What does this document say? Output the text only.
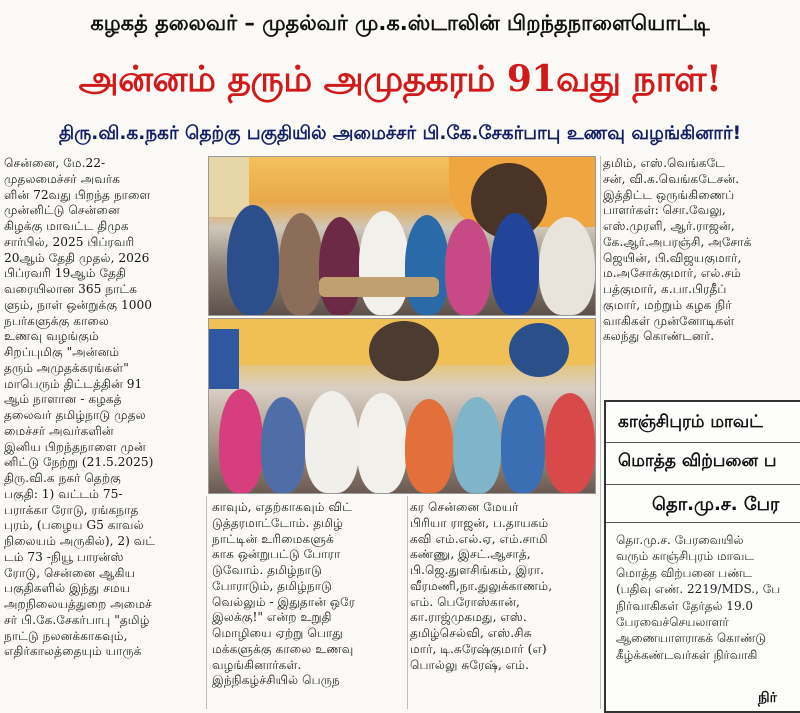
கழகத் தலைவர் – முதல்வர் மு.க.ஸ்டாலின் பிறந்தநாளையொட்டி
அன்னம் தரும் அமுதகரம் 91வது நாள்!
திரு.வி.க.நகர் தெற்கு பகுதியில் அமைச்சர் பி.கே.சேகர்பாபு உணவு வழங்கினார்!
சென்னை, மே.22-
முதலமைச்சர் அவர்க
ளின் 72வது பிறந்த நாளை
முன்னிட்டு சென்னை
கிழக்கு மாவட்ட திமுக
சார்பில், 2025 பிப்ரவரி
20ஆம் தேதி முதல், 2026
பிப்ரவரி 19ஆம் தேதி
வரையிலான 365 நாட்க
ளும், நாள் ஒன்றுக்கு 1000
நபர்களுக்கு காலை
உணவு வழங்கும்
சிறப்புமிகு "அன்னம்
தரும் அமுதக்கரங்கள்"
மாபெரும் திட்டத்தின் 91
ஆம் நாளான - கழகத்
தலைவர் தமிழ்நாடு முதல
மைச்சர் அவர்களின்
இனிய பிறந்தநாளை முன்
னிட்டு நேற்று (21.5.2025)
திரு.வி.க நகர் தெற்கு
பகுதி: 1) வட்டம் 75-
பராக்கா ரோடு, ரங்கநாத
புரம், (பழைய G5 காவல்
நிலையம் அருகில்), 2) வட்
டம் 73 -நியூ பாரன்ஸ்
ரோடு, சென்னை ஆகிய
பகுதிகளில் இந்து சமய
அறநிலையத்துறை அமைச்
சர் பி.கே.சேகர்பாபு "தமிழ்
நாட்டு நலனக்காகவும்,
எதிர்காலத்தையும் யாருக்
காவும், எதற்காகவும் விட்
டுத்தரமாட்டோம். தமிழ்
நாட்டின் உரிமைகளுக்
காக ஒன்றுபட்டு போரா
டுவோம். தமிழ்நாடு
போராடும், தமிழ்நாடு
வெல்லும் - இதுதான் ஒரே
இலக்கு!" என்ற உறுதி
மொழியை ஏற்று பொது
மக்களுக்கு காலை உணவு
வழங்கினார்கள்.
இந்நிகழ்ச்சியில் பெருந
கர சென்னை மேயர்
பிரியா ராஜன், ப.தாயகம்
கவி எம்.எல்.ஏ, எம்.சாமி
கண்ணு, இசட்.ஆசாத்,
பி.ஜெ.துளசிங்கம், இரா.
வீரமணி,நா.துலுக்காணம்,
எம். பெரோஸ்கான்,
கா.ராஜ்முகமது, எஸ்.
தமிழ்செல்வி, எஸ்.சிசு
மார், டி.சுரேஷ்குமார் (எ)
பொல்லு சுரேஷ், எம்.
தமிம், எஸ்.வெங்கடே
சன், வி.க.வெங்கடேசன்.
இத்திட்ட ஒருங்கிணைப்
பாளர்கள்: சொ.வேலு,
எஸ்.முரளி, ஆர்.ராஜன்,
கே.ஆர்.அபரஞ்சி, அசோக்
ஜெயின், பி.விஜயகுமார்,
ம.அசோக்குமார், எல்.சம்
பத்குமார், க.பா.பிரதீப்
குமார், மற்றும் கழக நிர்
வாகிகள் முன்னோடிகள்
கலந்து கொண்டனர்.
காஞ்சிபுரம் மாவட்
மொத்த விற்பனை ப
தொ.மு.ச. பேர
தொ.மு.ச. பேரவையில்
வரும் காஞ்சிபுரம் மாவட
மொத்த விற்பனை பண்ட
(பதிவு எண். 2219/MDS., பே
நிர்வாகிகள் தேர்தல் 19.0
பேரவைச்செயலாளர்
ஆணையாளராகக் கொண்டு
கீழ்க்கண்டவர்கள் நிர்வாகி
நிர்
